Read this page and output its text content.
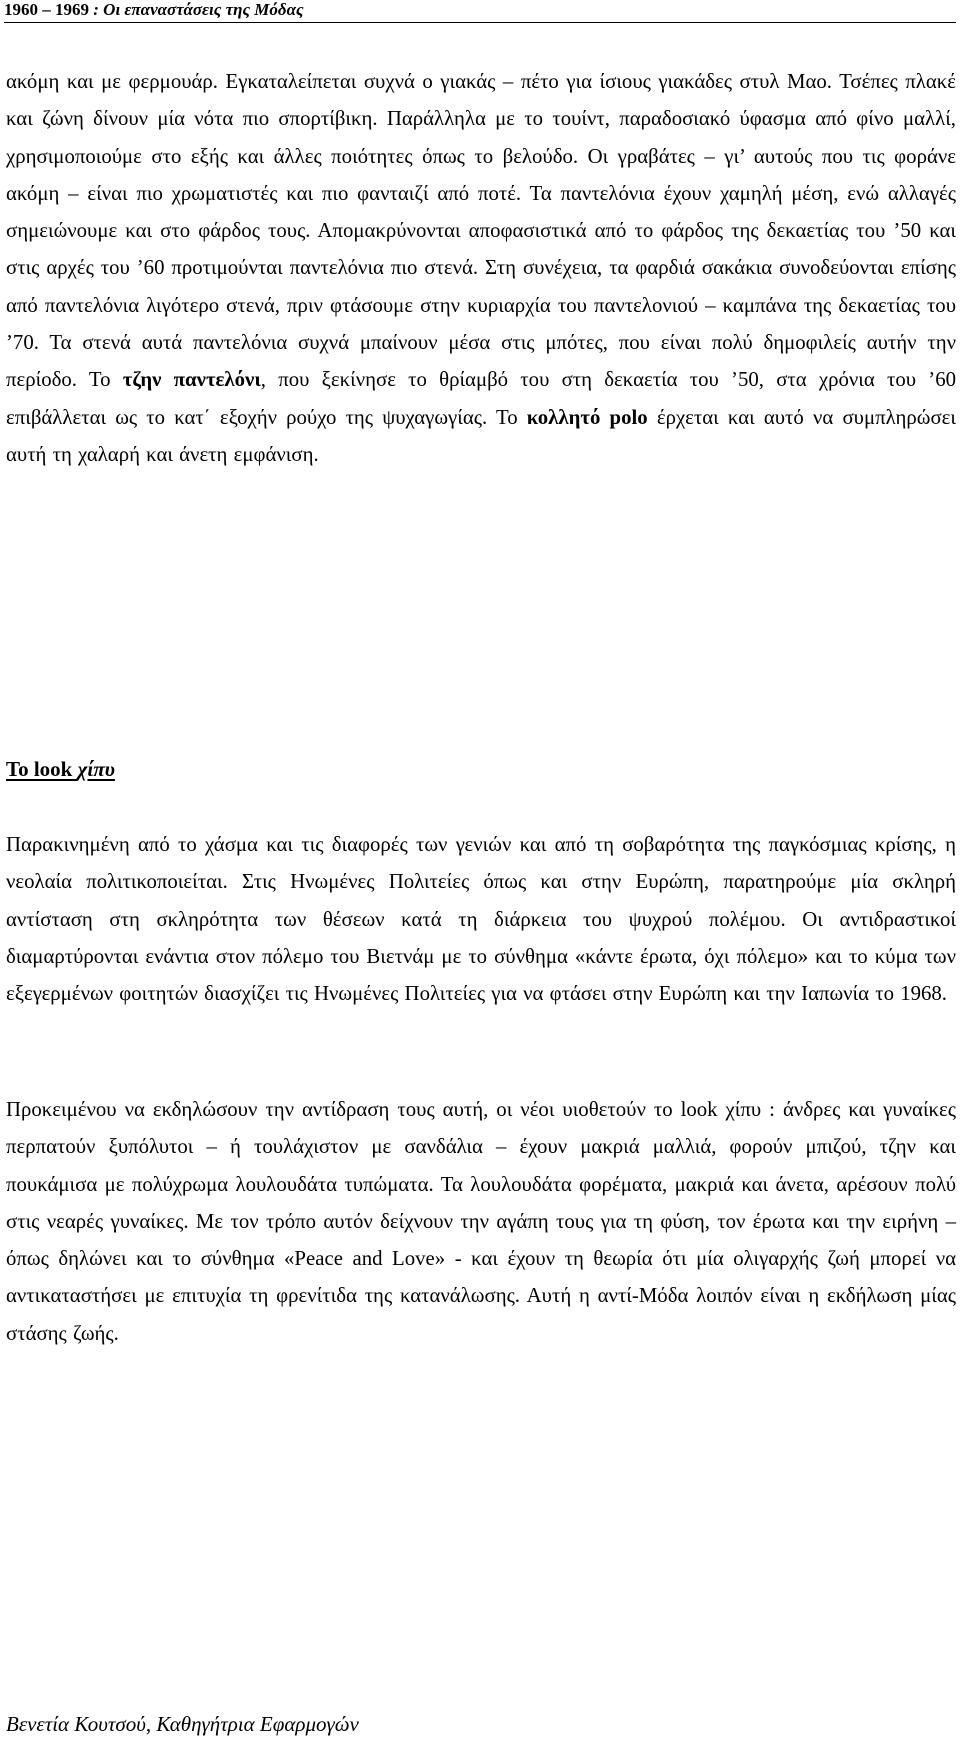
1960 – 1969 : Οι επαναστάσεις της Μόδας

ακόμη και με φερμουάρ. Εγκαταλείπεται συχνά ο γιακάς – πέτο για ίσιους γιακάδες στυλ Μαο. Τσέπες πλακέ και ζώνη δίνουν μία νότα πιο σπορτίβικη. Παράλληλα με το τουίντ, παραδοσιακό ύφασμα από φίνο μαλλί, χρησιμοποιούμε στο εξής και άλλες ποιότητες όπως το βελούδο. Οι γραβάτες – γι’ αυτούς που τις φοράνε ακόμη – είναι πιο χρωματιστές και πιο φανταιζί από ποτέ. Τα παντελόνια έχουν χαμηλή μέση, ενώ αλλαγές σημειώνουμε και στο φάρδος τους. Απομακρύνονται αποφασιστικά από το φάρδος της δεκαετίας του ’50 και στις αρχές του ’60 προτιμούνται παντελόνια πιο στενά. Στη συνέχεια, τα φαρδιά σακάκια συνοδεύονται επίσης από παντελόνια λιγότερο στενά, πριν φτάσουμε στην κυριαρχία του παντελονιού – καμπάνα της δεκαετίας του ’70. Τα στενά αυτά παντελόνια συχνά μπαίνουν μέσα στις μπότες, που είναι πολύ δημοφιλείς αυτήν την περίοδο. Το τζην παντελόνι, που ξεκίνησε το θρίαμβό του στη δεκαετία του ’50, στα χρόνια του ’60 επιβάλλεται ως το κατ΄ εξοχήν ρούχο της ψυχαγωγίας. Το κολλητό polo έρχεται και αυτό να συμπληρώσει αυτή τη χαλαρή και άνετη εμφάνιση.

To look χίπυ

Παρακινημένη από το χάσμα και τις διαφορές των γενιών και από τη σοβαρότητα της παγκόσμιας κρίσης, η νεολαία πολιτικοποιείται. Στις Ηνωμένες Πολιτείες όπως και στην Ευρώπη, παρατηρούμε μία σκληρή αντίσταση στη σκληρότητα των θέσεων κατά τη διάρκεια του ψυχρού πολέμου. Οι αντιδραστικοί διαμαρτύρονται ενάντια στον πόλεμο του Βιετνάμ με το σύνθημα «κάντε έρωτα, όχι πόλεμο» και το κύμα των εξεγερμένων φοιτητών διασχίζει τις Ηνωμένες Πολιτείες για να φτάσει στην Ευρώπη και την Ιαπωνία το 1968.

Προκειμένου να εκδηλώσουν την αντίδραση τους αυτή, οι νέοι υιοθετούν το look χίπυ : άνδρες και γυναίκες περπατούν ξυπόλυτοι – ή τουλάχιστον με σανδάλια – έχουν μακριά μαλλιά, φορούν μπιζού, τζην και πουκάμισα με πολύχρωμα λουλουδάτα τυπώματα. Τα λουλουδάτα φορέματα, μακριά και άνετα, αρέσουν πολύ στις νεαρές γυναίκες. Με τον τρόπο αυτόν δείχνουν την αγάπη τους για τη φύση, τον έρωτα και την ειρήνη – όπως δηλώνει και το σύνθημα «Peace and Love» - και έχουν τη θεωρία ότι μία ολιγαρχής ζωή μπορεί να αντικαταστήσει με επιτυχία τη φρενίτιδα της κατανάλωσης. Αυτή η αντί-Μόδα λοιπόν είναι η εκδήλωση μίας στάσης ζωής.

Βενετία Κουτσού, Καθηγήτρια Εφαρμογών
